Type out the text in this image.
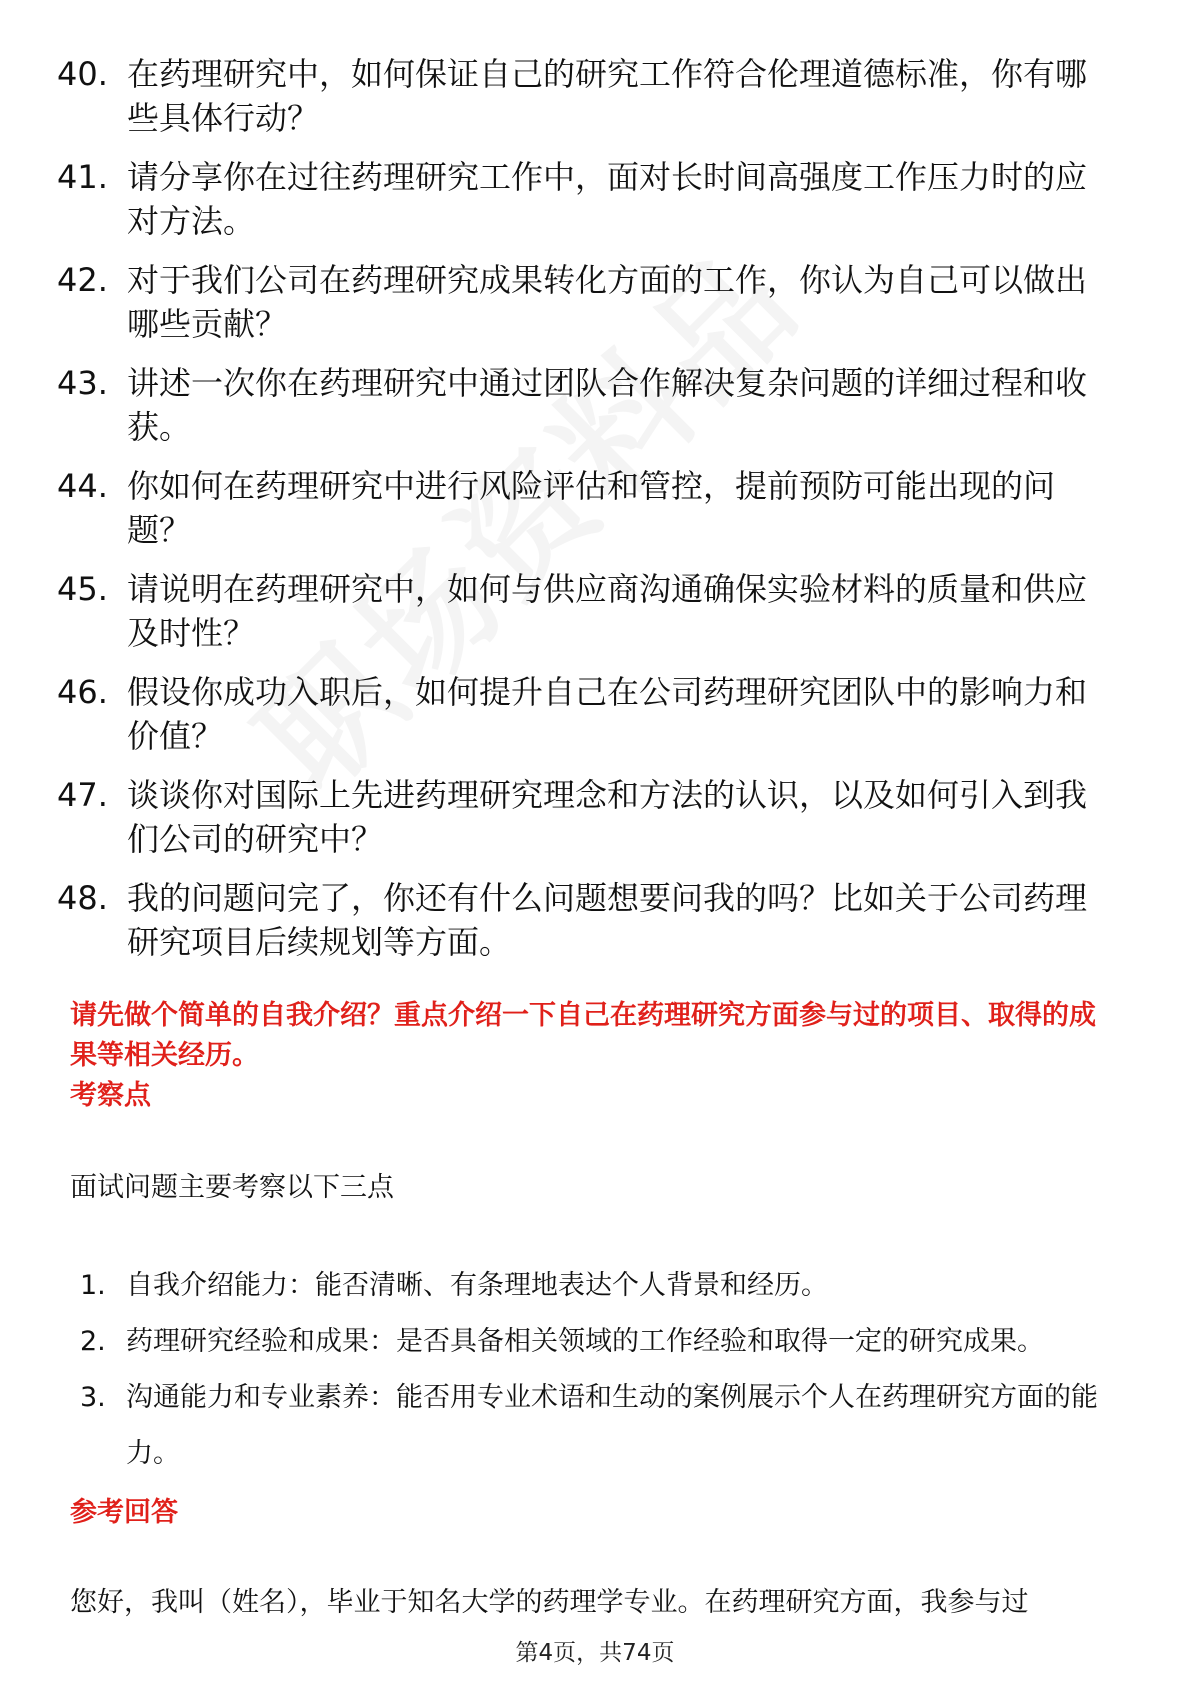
40. 在药理研究中，如何保证自己的研究工作符合伦理道德标准，你有哪些具体行动？
41. 请分享你在过往药理研究工作中，面对长时间高强度工作压力时的应对方法。
42. 对于我们公司在药理研究成果转化方面的工作，你认为自己可以做出哪些贡献？
43. 讲述一次你在药理研究中通过团队合作解决复杂问题的详细过程和收获。
44. 你如何在药理研究中进行风险评估和管控，提前预防可能出现的问题？
45. 请说明在药理研究中，如何与供应商沟通确保实验材料的质量和供应及时性？
46. 假设你成功入职后，如何提升自己在公司药理研究团队中的影响力和价值？
47. 谈谈你对国际上先进药理研究理念和方法的认识，以及如何引入到我们公司的研究中？
48. 我的问题问完了，你还有什么问题想要问我的吗？比如关于公司药理研究项目后续规划等方面。
请先做个简单的自我介绍？重点介绍一下自己在药理研究方面参与过的项目、取得的成果等相关经历。
考察点
面试问题主要考察以下三点
1. 自我介绍能力：能否清晰、有条理地表达个人背景和经历。
2. 药理研究经验和成果：是否具备相关领域的工作经验和取得一定的研究成果。
3. 沟通能力和专业素养：能否用专业术语和生动的案例展示个人在药理研究方面的能力。
参考回答
您好，我叫（姓名），毕业于知名大学的药理学专业。在药理研究方面，我参与过
第4页，共74页
